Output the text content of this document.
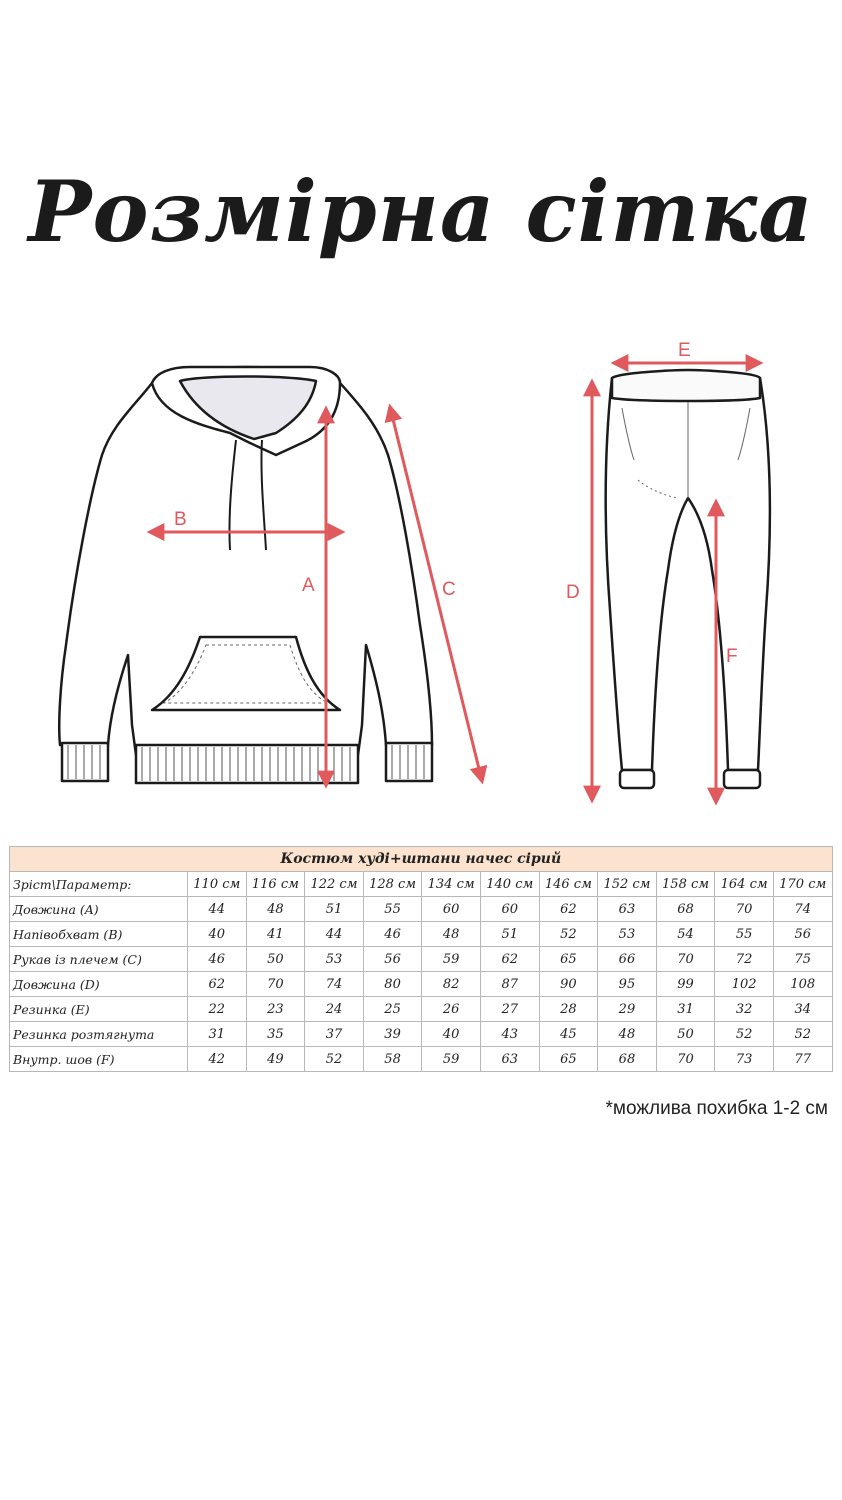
Розмірна сітка
B
A	C
E
D
F
Костюм худі+штани начес сірий											
Зріст\Параметр:	110 см	116 см	122 см	128 см	134 см	140 см	146 см	152 см	158 см	164 см	170 см
Довжина (A)	44	48	51	55	60	60	62	63	68	70	74
Напівобхват (B)	40	41	44	46	48	51	52	53	54	55	56
Рукав із плечем (C)	46	50	53	56	59	62	65	66	70	72	75
Довжина (D)	62	70	74	80	82	87	90	95	99	102	108
Резинка (E)	22	23	24	25	26	27	28	29	31	32	34
Резинка розтягнута	31	35	37	39	40	43	45	48	50	52	52
Внутр. шов (F)	42	49	52	58	59	63	65	68	70	73	77
*можлива похибка 1-2 см
